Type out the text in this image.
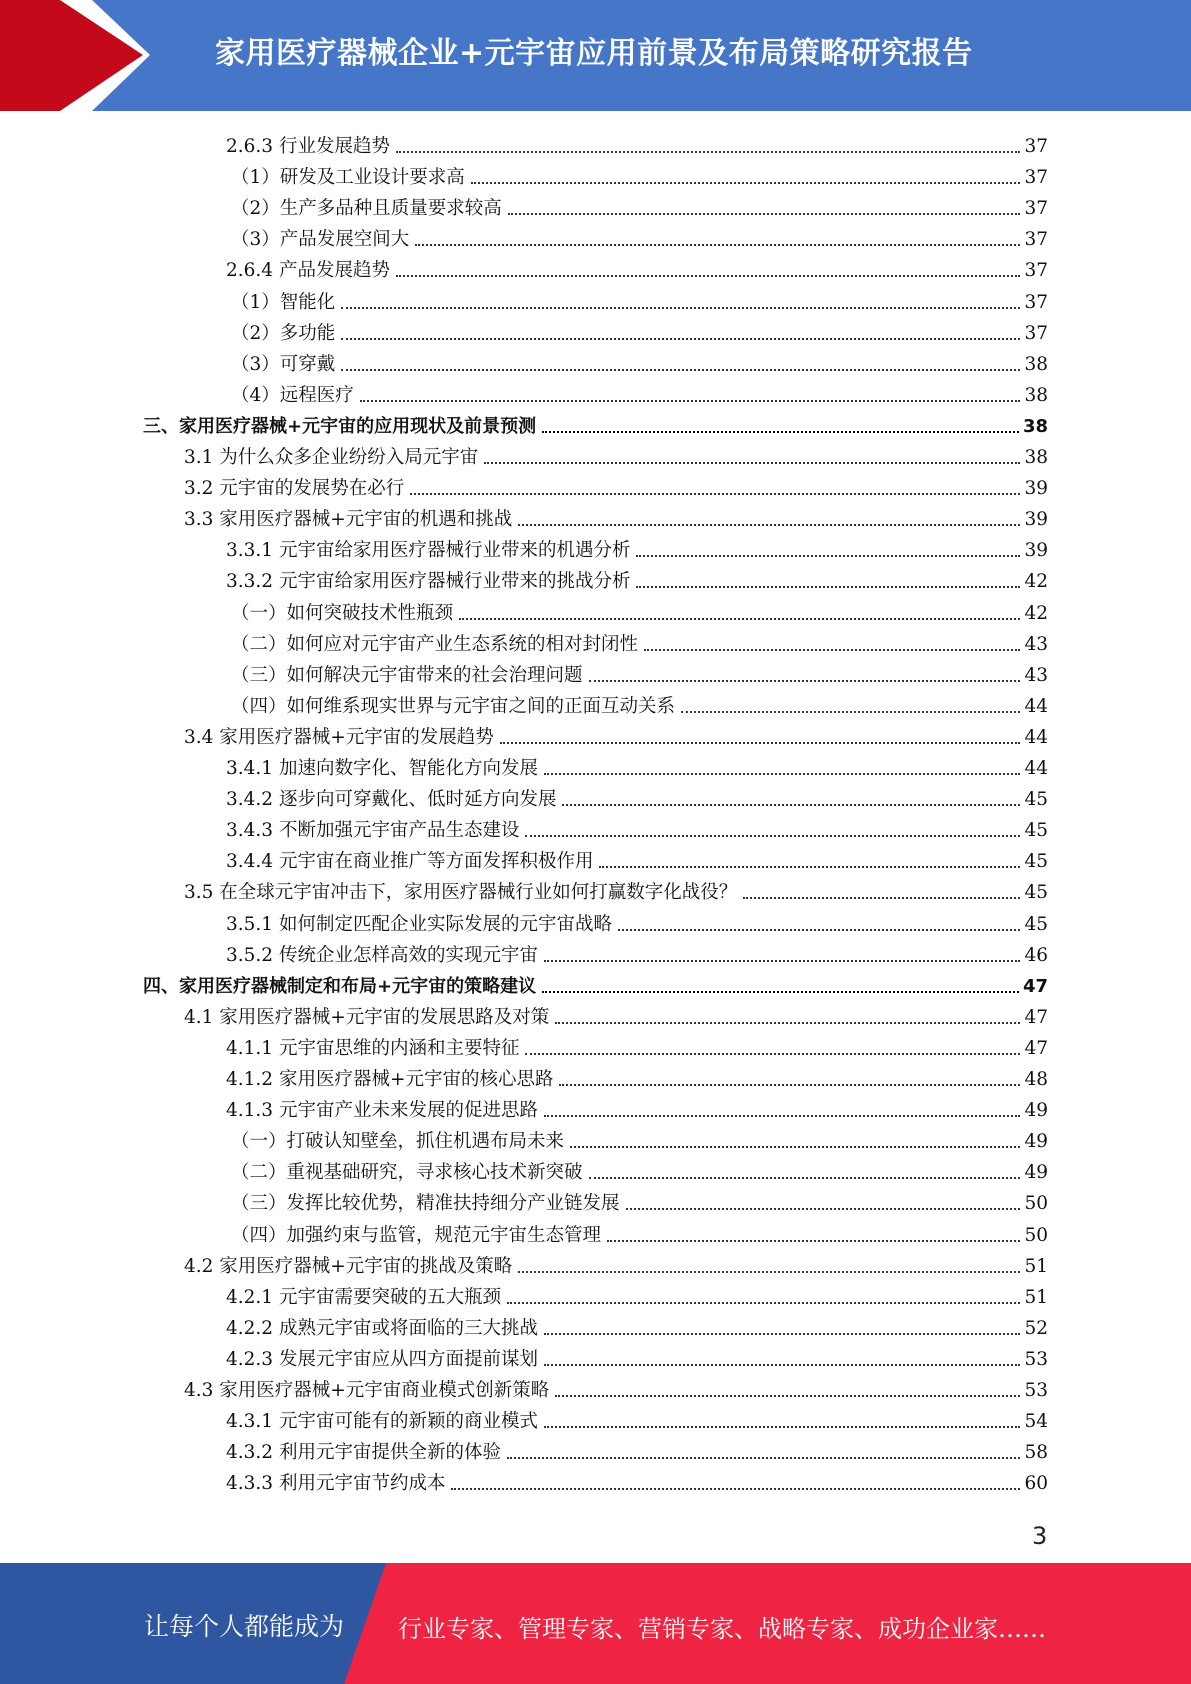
家用医疗器械企业+元宇宙应用前景及布局策略研究报告
2.6.3 行业发展趋势	37
（1）研发及工业设计要求高	37
（2）生产多品种且质量要求较高	37
（3）产品发展空间大	37
2.6.4 产品发展趋势	37
（1）智能化	37
（2）多功能	37
（3）可穿戴	38
（4）远程医疗	38
三、家用医疗器械+元宇宙的应用现状及前景预测	38
3.1 为什么众多企业纷纷入局元宇宙	38
3.2 元宇宙的发展势在必行	39
3.3 家用医疗器械+元宇宙的机遇和挑战	39
3.3.1 元宇宙给家用医疗器械行业带来的机遇分析	39
3.3.2 元宇宙给家用医疗器械行业带来的挑战分析	42
（一）如何突破技术性瓶颈	42
（二）如何应对元宇宙产业生态系统的相对封闭性	43
（三）如何解决元宇宙带来的社会治理问题	43
（四）如何维系现实世界与元宇宙之间的正面互动关系	44
3.4 家用医疗器械+元宇宙的发展趋势	44
3.4.1 加速向数字化、智能化方向发展	44
3.4.2 逐步向可穿戴化、低时延方向发展	45
3.4.3 不断加强元宇宙产品生态建设	45
3.4.4 元宇宙在商业推广等方面发挥积极作用	45
3.5 在全球元宇宙冲击下，家用医疗器械行业如何打赢数字化战役？	45
3.5.1 如何制定匹配企业实际发展的元宇宙战略	45
3.5.2 传统企业怎样高效的实现元宇宙	46
四、家用医疗器械制定和布局+元宇宙的策略建议	47
4.1 家用医疗器械+元宇宙的发展思路及对策	47
4.1.1 元宇宙思维的内涵和主要特征	47
4.1.2 家用医疗器械+元宇宙的核心思路	48
4.1.3 元宇宙产业未来发展的促进思路	49
（一）打破认知壁垒，抓住机遇布局未来	49
（二）重视基础研究，寻求核心技术新突破	49
（三）发挥比较优势，精准扶持细分产业链发展	50
（四）加强约束与监管，规范元宇宙生态管理	50
4.2 家用医疗器械+元宇宙的挑战及策略	51
4.2.1 元宇宙需要突破的五大瓶颈	51
4.2.2 成熟元宇宙或将面临的三大挑战	52
4.2.3 发展元宇宙应从四方面提前谋划	53
4.3 家用医疗器械+元宇宙商业模式创新策略	53
4.3.1 元宇宙可能有的新颖的商业模式	54
4.3.2 利用元宇宙提供全新的体验	58
4.3.3 利用元宇宙节约成本	60
3
让每个人都能成为 行业专家、管理专家、营销专家、战略专家、成功企业家……
